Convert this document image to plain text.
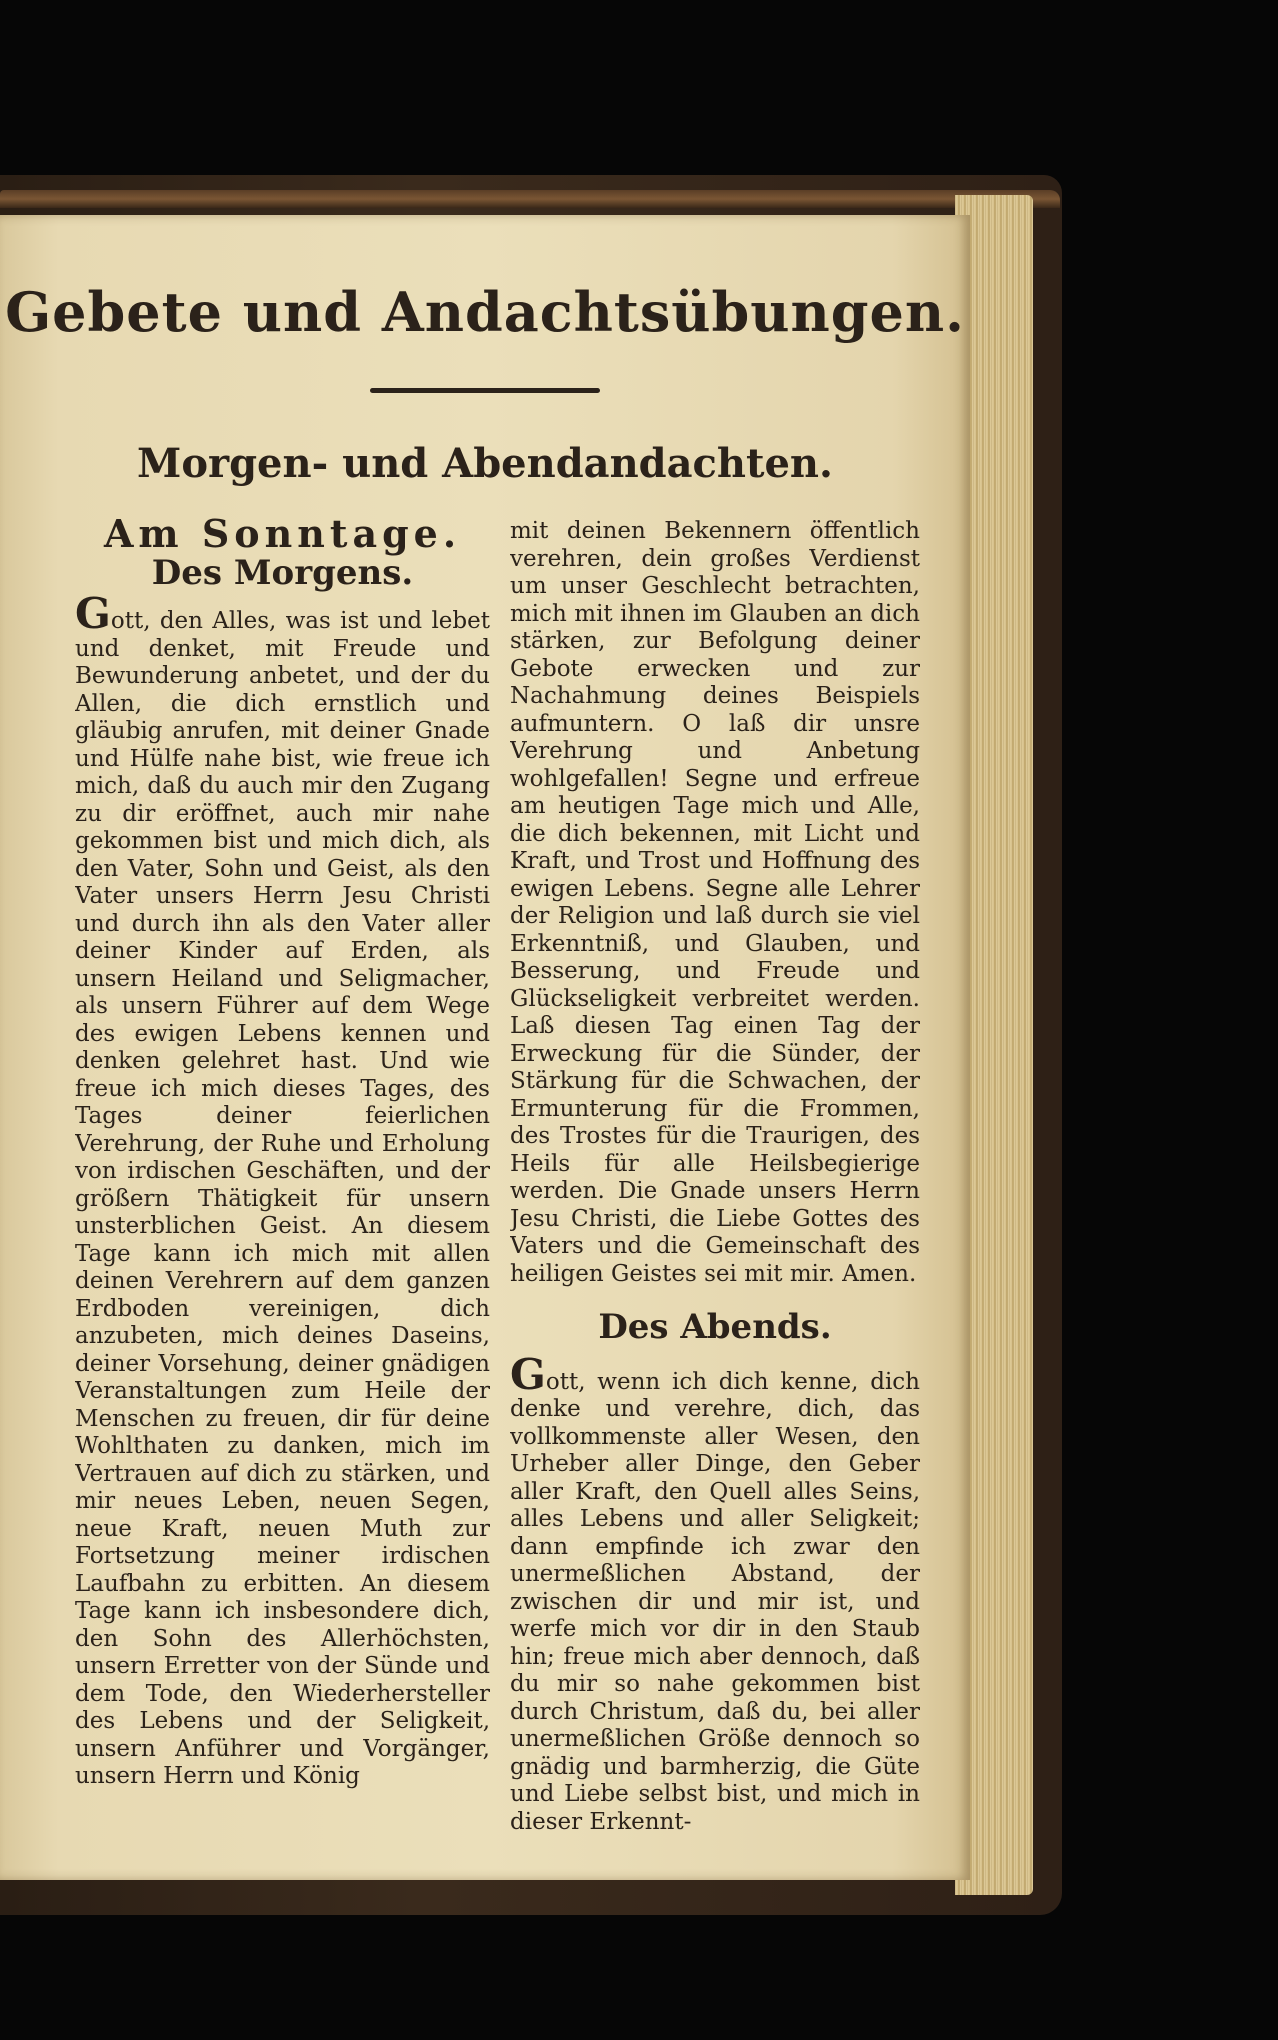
Gebete und Andachtsübungen.
Morgen- und Abendandachten.
Am Sonntage.
Des Morgens.

Gott, den Alles, was ist und lebet und denket, mit Freude und Bewunderung anbetet, und der du Allen, die dich ernstlich und gläubig anrufen, mit deiner Gnade und Hülfe nahe bist, wie freue ich mich, daß du auch mir den Zugang zu dir eröffnet, auch mir nahe gekommen bist und mich dich, als den Vater, Sohn und Geist, als den Vater unsers Herrn Jesu Christi und durch ihn als den Vater aller deiner Kinder auf Erden, als unsern Heiland und Seligmacher, als unsern Führer auf dem Wege des ewigen Lebens kennen und denken gelehret hast. Und wie freue ich mich dieses Tages, des Tages deiner feierlichen Verehrung, der Ruhe und Erholung von irdischen Geschäften, und der größern Thätigkeit für unsern unsterblichen Geist. An diesem Tage kann ich mich mit allen deinen Verehrern auf dem ganzen Erdboden vereinigen, dich anzubeten, mich deines Daseins, deiner Vorsehung, deiner gnädigen Veranstaltungen zum Heile der Menschen zu freuen, dir für deine Wohlthaten zu danken, mich im Vertrauen auf dich zu stärken, und mir neues Leben, neuen Segen, neue Kraft, neuen Muth zur Fortsetzung meiner irdischen Laufbahn zu erbitten. An diesem Tage kann ich insbesondere dich, den Sohn des Allerhöchsten, unsern Erretter von der Sünde und dem Tode, den Wiederhersteller des Lebens und der Seligkeit, unsern Anführer und Vorgänger, unsern Herrn und König

mit deinen Bekennern öffentlich verehren, dein großes Verdienst um unser Geschlecht betrachten, mich mit ihnen im Glauben an dich stärken, zur Befolgung deiner Gebote erwecken und zur Nachahmung deines Beispiels aufmuntern. O laß dir unsre Verehrung und Anbetung wohlgefallen! Segne und erfreue am heutigen Tage mich und Alle, die dich bekennen, mit Licht und Kraft, und Trost und Hoffnung des ewigen Lebens. Segne alle Lehrer der Religion und laß durch sie viel Erkenntniß, und Glauben, und Besserung, und Freude und Glückseligkeit verbreitet werden. Laß diesen Tag einen Tag der Erweckung für die Sünder, der Stärkung für die Schwachen, der Ermunterung für die Frommen, des Trostes für die Traurigen, des Heils für alle Heilsbegierige werden. Die Gnade unsers Herrn Jesu Christi, die Liebe Gottes des Vaters und die Gemeinschaft des heiligen Geistes sei mit mir. Amen.

Des Abends.

Gott, wenn ich dich kenne, dich denke und verehre, dich, das vollkommenste aller Wesen, den Urheber aller Dinge, den Geber aller Kraft, den Quell alles Seins, alles Lebens und aller Seligkeit; dann empfinde ich zwar den unermeßlichen Abstand, der zwischen dir und mir ist, und werfe mich vor dir in den Staub hin; freue mich aber dennoch, daß du mir so nahe gekommen bist durch Christum, daß du, bei aller unermeßlichen Größe dennoch so gnädig und barmherzig, die Güte und Liebe selbst bist, und mich in dieser Erkennt-
